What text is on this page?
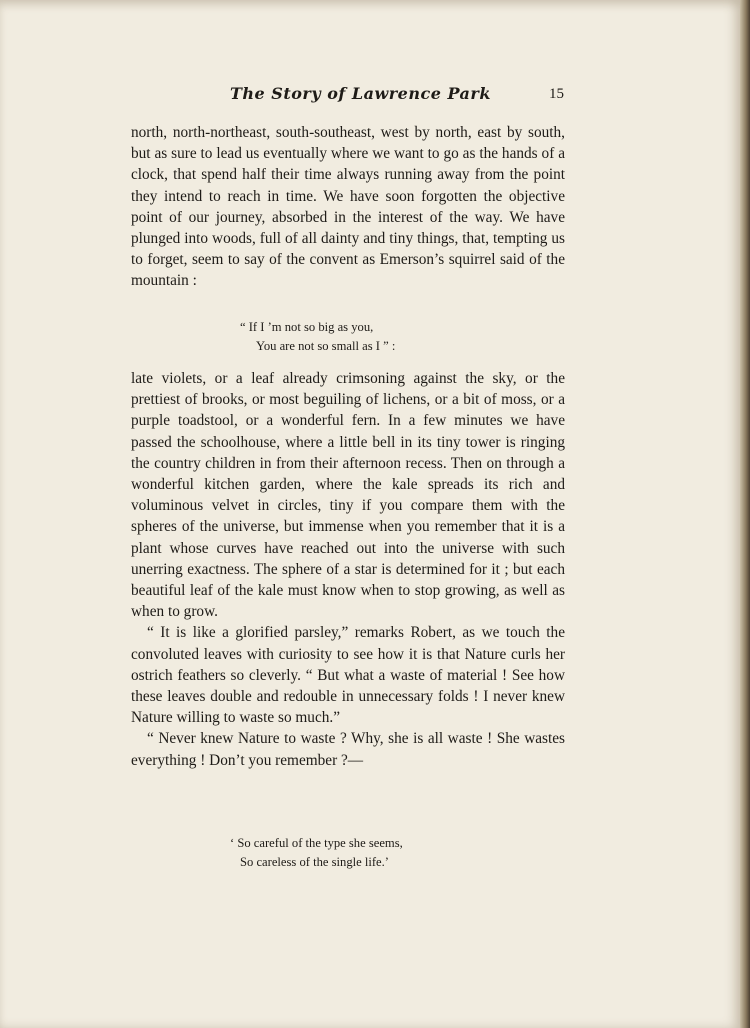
The Story of Lawrence Park	15

north, north-northeast, south-southeast, west by north, east by south, but as sure to lead us eventually where we want to go as the hands of a clock, that spend half their time always running away from the point they intend to reach in time. We have soon forgotten the objective point of our journey, absorbed in the interest of the way. We have plunged into woods, full of all dainty and tiny things, that, tempting us to forget, seem to say of the convent as Emerson’s squirrel said of the mountain :

“ If I ’m not so big as you,
You are not so small as I ” :

late violets, or a leaf already crimsoning against the sky, or the prettiest of brooks, or most beguiling of lichens, or a bit of moss, or a purple toadstool, or a wonderful fern. In a few minutes we have passed the schoolhouse, where a little bell in its tiny tower is ringing the country children in from their afternoon recess. Then on through a wonderful kitchen garden, where the kale spreads its rich and voluminous velvet in circles, tiny if you compare them with the spheres of the universe, but immense when you remember that it is a plant whose curves have reached out into the universe with such unerring exactness. The sphere of a star is determined for it ; but each beautiful leaf of the kale must know when to stop growing, as well as when to grow.

“ It is like a glorified parsley,” remarks Robert, as we touch the convoluted leaves with curiosity to see how it is that Nature curls her ostrich feathers so cleverly. “ But what a waste of material ! See how these leaves double and redouble in unnecessary folds ! I never knew Nature willing to waste so much.”

“ Never knew Nature to waste ? Why, she is all waste ! She wastes everything ! Don’t you remember ?—

‘ So careful of the type she seems,
So careless of the single life.’
